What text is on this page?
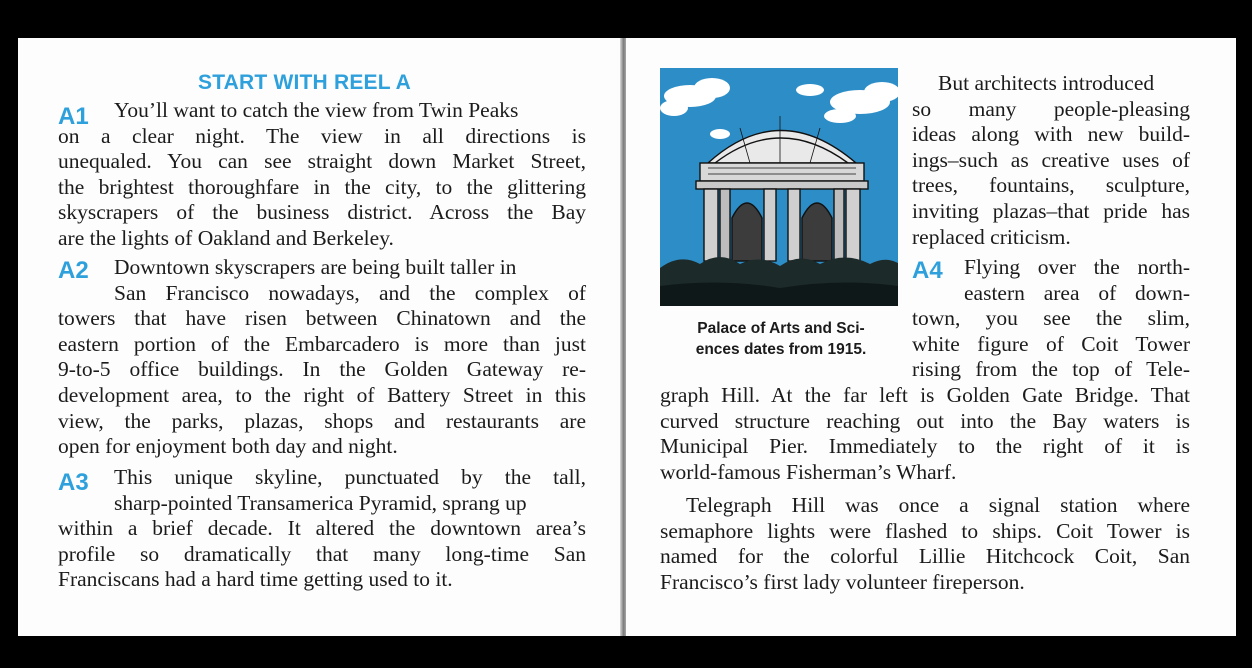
START WITH REEL A
A1	You’ll want to catch the view from Twin Peaks
on a clear night. The view in all directions is
unequaled. You can see straight down Market Street,
the brightest thoroughfare in the city, to the glittering
skyscrapers of the business district. Across the Bay
are the lights of Oakland and Berkeley.
A2	Downtown skyscrapers are being built taller in
San Francisco nowadays, and the complex of
towers that have risen between Chinatown and the
eastern portion of the Embarcadero is more than just
9-to-5 office buildings. In the Golden Gateway re-
development area, to the right of Battery Street in this
view, the parks, plazas, shops and restaurants are
open for enjoyment both day and night.
A3	This unique skyline, punctuated by the tall,
sharp-pointed Transamerica Pyramid, sprang up
within a brief decade. It altered the downtown area’s
profile so dramatically that many long-time San
Franciscans had a hard time getting used to it.
Palace of Arts and Sci-
ences dates from 1915.
But architects introduced
so many people-pleasing
ideas along with new build-
ings–such as creative uses of
trees, fountains, sculpture,
inviting plazas–that pride has
replaced criticism.
A4 Flying over the north-
eastern area of down-
town, you see the slim,
white figure of Coit Tower
rising from the top of Tele-
graph Hill. At the far left is Golden Gate Bridge. That
curved structure reaching out into the Bay waters is
Municipal Pier. Immediately to the right of it is
world-famous Fisherman’s Wharf.
Telegraph Hill was once a signal station where
semaphore lights were flashed to ships. Coit Tower is
named for the colorful Lillie Hitchcock Coit, San
Francisco’s first lady volunteer fireperson.
